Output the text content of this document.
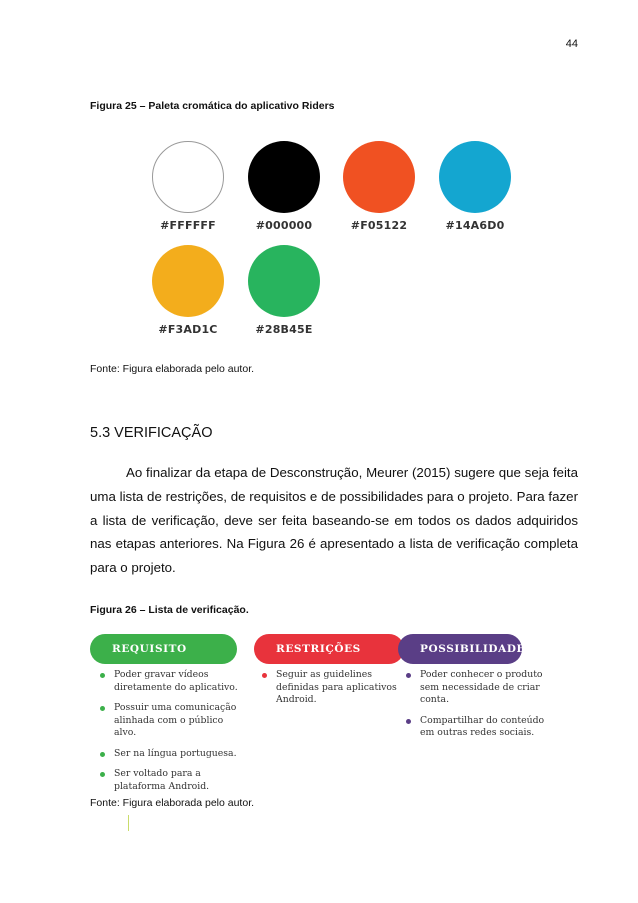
44
Figura 25 – Paleta cromática do aplicativo Riders
#FFFFFF	#000000	#F05122	#14A6D0
#F3AD1C	#28B45E
Fonte: Figura elaborada pelo autor.
5.3 VERIFICAÇÃO

Ao finalizar da etapa de Desconstrução, Meurer (2015) sugere que seja feita uma lista de restrições, de requisitos e de possibilidades para o projeto. Para fazer a lista de verificação, deve ser feita baseando-se em todos os dados adquiridos nas etapas anteriores. Na Figura 26 é apresentado a lista de verificação completa para o projeto.

Figura 26 – Lista de verificação.
REQUISITO
Poder gravar vídeos diretamente do aplicativo.
Possuir uma comunicação alinhada com o público alvo.
Ser na língua portuguesa.
Ser voltado para a plataforma Android.
RESTRIÇÕES
Seguir as guidelines definidas para aplicativos Android.
POSSIBILIDADES
Poder conhecer o produto sem necessidade de criar conta.
Compartilhar do conteúdo em outras redes sociais.
Fonte: Figura elaborada pelo autor.
